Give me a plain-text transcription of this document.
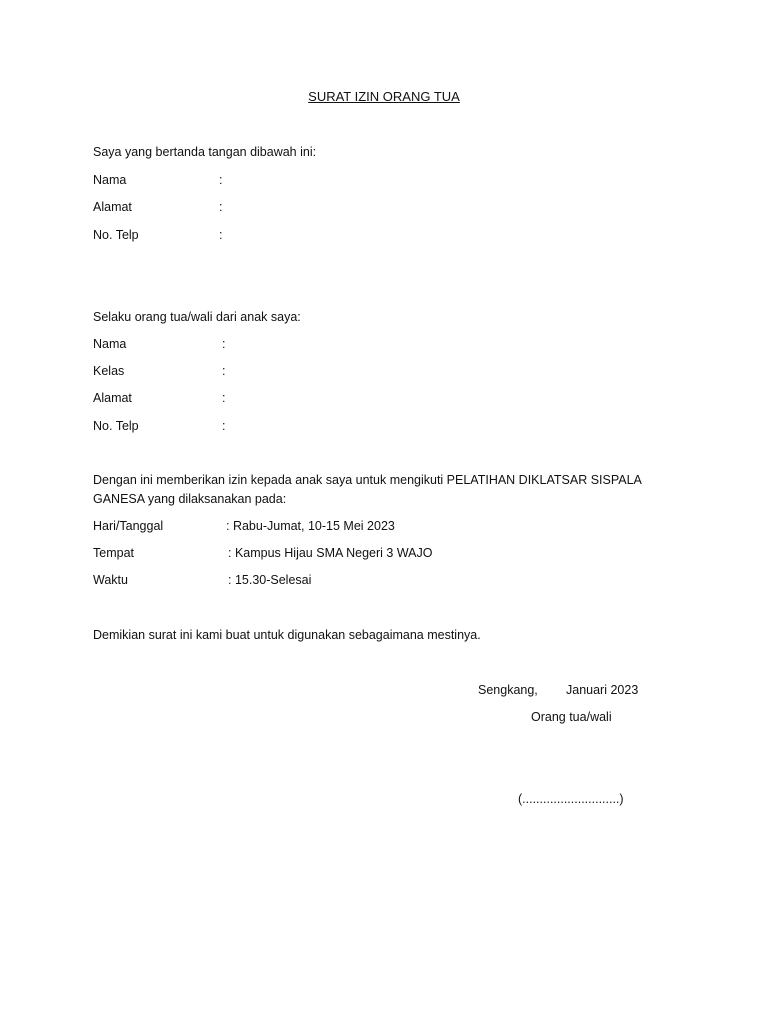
SURAT IZIN ORANG TUA
Saya yang bertanda tangan dibawah ini:
Nama	:
Alamat	:
No. Telp	:
Selaku orang tua/wali dari anak saya:
Nama	:
Kelas	:
Alamat	:
No. Telp	:
Dengan ini memberikan izin kepada anak saya untuk mengikuti PELATIHAN DIKLATSAR SISPALA
GANESA yang dilaksanakan pada:
Hari/Tanggal	: Rabu-Jumat, 10-15 Mei 2023
Tempat	: Kampus Hijau SMA Negeri 3 WAJO
Waktu	: 15.30-Selesai
Demikian surat ini kami buat untuk digunakan sebagaimana mestinya.
Sengkang, Januari 2023
Orang tua/wali
(............................)
